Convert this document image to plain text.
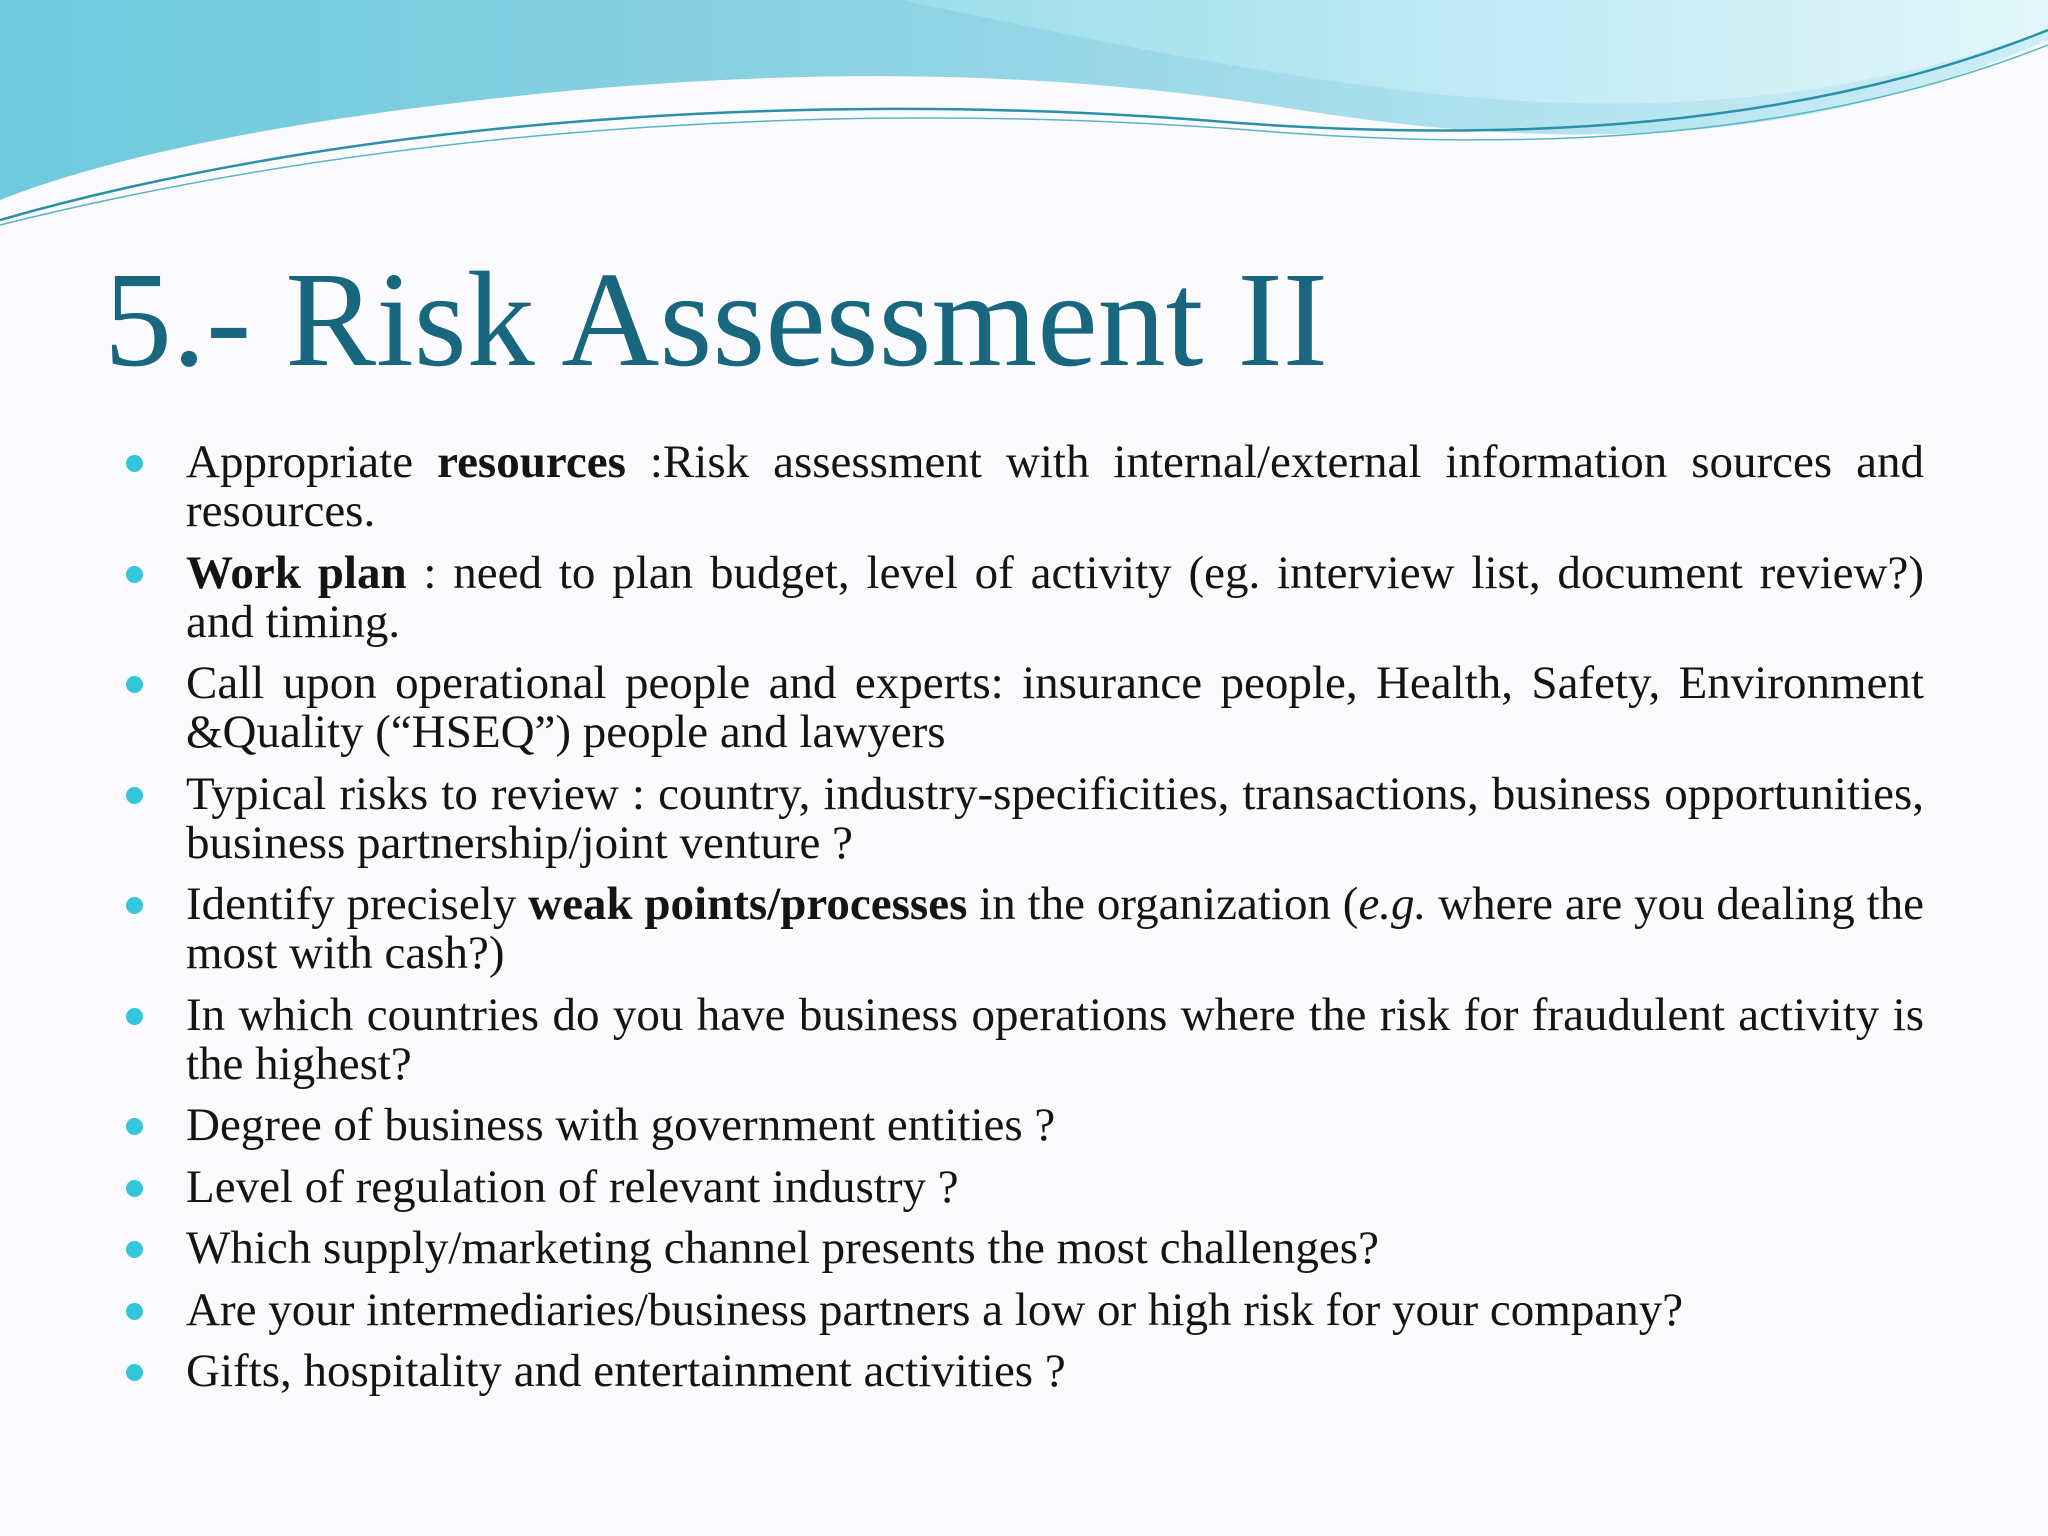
5.- Risk Assessment II
Appropriate resources :Risk assessment with internal/external information sources and resources.
Work plan : need to plan budget, level of activity (eg. interview list, document review?) and timing.
Call upon operational people and experts: insurance people, Health, Safety, Environment &Quality (“HSEQ”) people and lawyers
Typical risks to review : country, industry-specificities, transactions, business opportunities, business partnership/joint venture ?
Identify precisely weak points/processes in the organization (e.g. where are you dealing the most with cash?)
In which countries do you have business operations where the risk for fraudulent activity is the highest?
Degree of business with government entities ?
Level of regulation of relevant industry ?
Which supply/marketing channel presents the most challenges?
Are your intermediaries/business partners a low or high risk for your company?
Gifts, hospitality and entertainment activities ?
